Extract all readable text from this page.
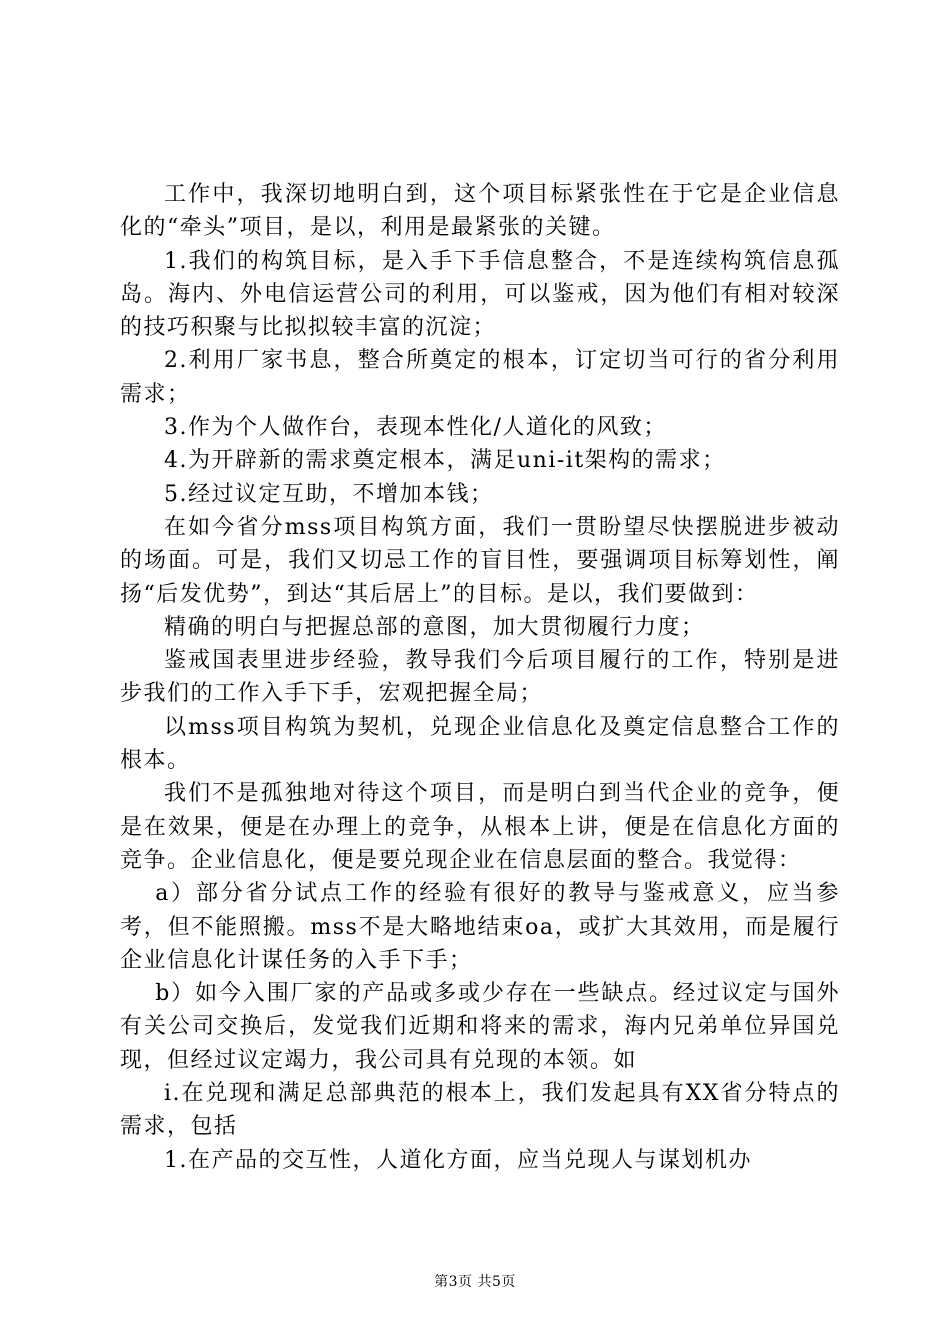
工作中，我深切地明白到，这个项目标紧张性在于它是企业信息化的“牵头”项目，是以，利用是最紧张的关键。

1.我们的构筑目标，是入手下手信息整合，不是连续构筑信息孤岛。海内、外电信运营公司的利用，可以鉴戒，因为他们有相对较深的技巧积聚与比拟拟较丰富的沉淀；

2.利用厂家书息，整合所奠定的根本，订定切当可行的省分利用需求；

3.作为个人做作台，表现本性化/人道化的风致；

4.为开辟新的需求奠定根本，满足uni-it架构的需求；

5.经过议定互助，不增加本钱；

在如今省分mss项目构筑方面，我们一贯盼望尽快摆脱进步被动的场面。可是，我们又切忌工作的盲目性，要强调项目标筹划性，阐扬“后发优势”，到达“其后居上”的目标。是以，我们要做到：

精确的明白与把握总部的意图，加大贯彻履行力度；

鉴戒国表里进步经验，教导我们今后项目履行的工作，特别是进步我们的工作入手下手，宏观把握全局；

以mss项目构筑为契机，兑现企业信息化及奠定信息整合工作的根本。

我们不是孤独地对待这个项目，而是明白到当代企业的竞争，便是在效果，便是在办理上的竞争，从根本上讲，便是在信息化方面的竞争。企业信息化，便是要兑现企业在信息层面的整合。我觉得：

a）部分省分试点工作的经验有很好的教导与鉴戒意义，应当参考，但不能照搬。mss不是大略地结束oa，或扩大其效用，而是履行企业信息化计谋任务的入手下手；

b）如今入围厂家的产品或多或少存在一些缺点。经过议定与国外有关公司交换后，发觉我们近期和将来的需求，海内兄弟单位异国兑现，但经过议定竭力，我公司具有兑现的本领。如

i.在兑现和满足总部典范的根本上，我们发起具有XX省分特点的需求，包括

1.在产品的交互性，人道化方面，应当兑现人与谋划机办

第3页 共5页
